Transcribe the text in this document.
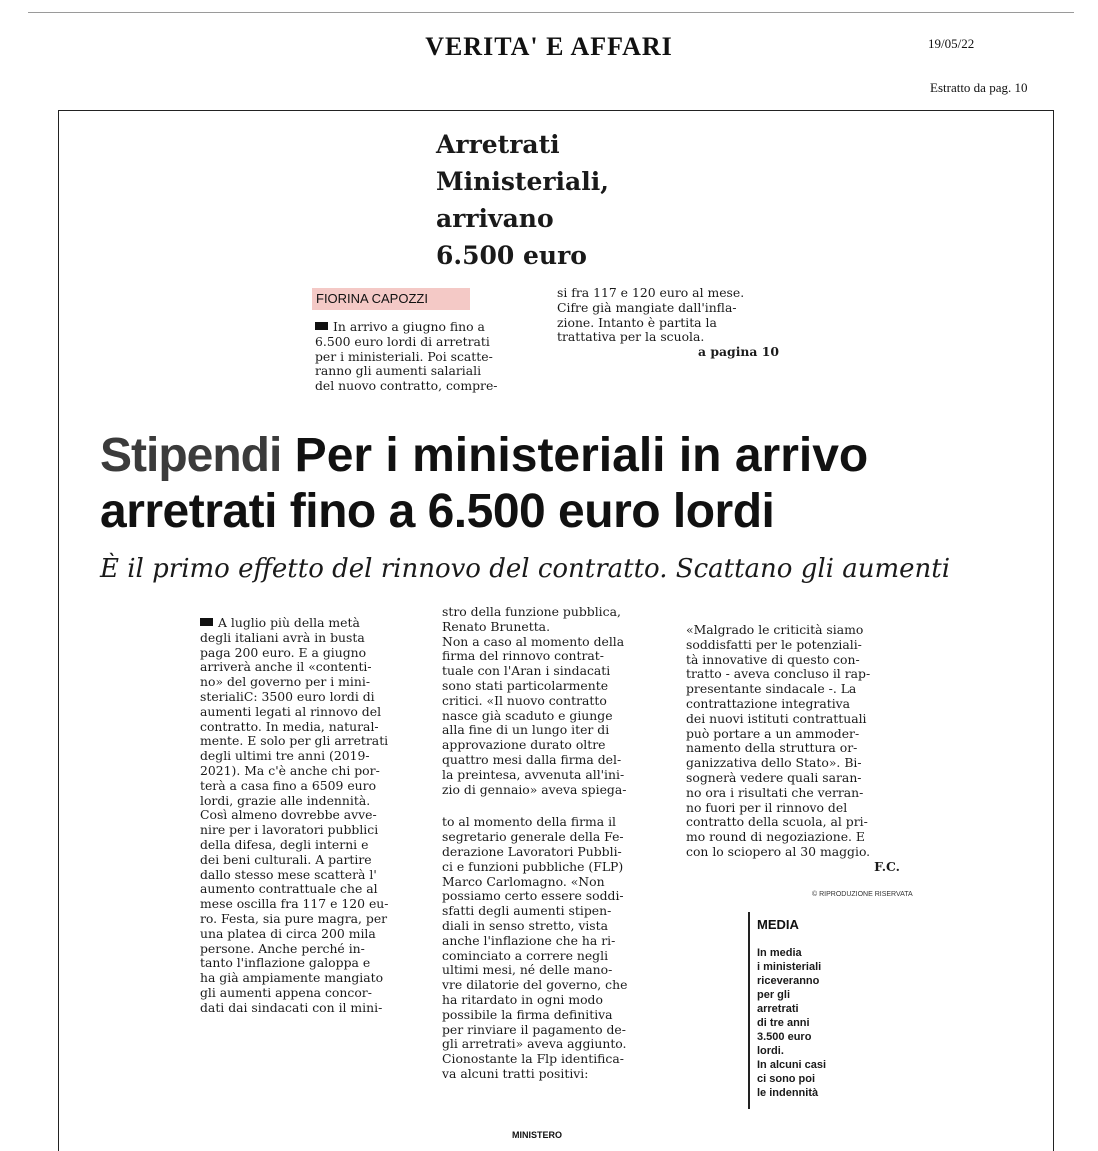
VERITA' E AFFARI	19/05/22
Estratto da pag. 10
Arretrati
Ministeriali,
arrivano
6.500 euro
FIORINA CAPOZZI
In arrivo a giugno fino a
6.500 euro lordi di arretrati
per i ministeriali. Poi scatte-
ranno gli aumenti salariali
del nuovo contratto, compre-
si fra 117 e 120 euro al mese.
Cifre già mangiate dall'infla-
zione. Intanto è partita la
trattativa per la scuola.
a pagina 10
Stipendi Per i ministeriali in arrivo
arretrati fino a 6.500 euro lordi
È il primo effetto del rinnovo del contratto. Scattano gli aumenti
A luglio più della metà
degli italiani avrà in busta
paga 200 euro. E a giugno
arriverà anche il «contenti-
no» del governo per i mini-
sterialiC: 3500 euro lordi di
aumenti legati al rinnovo del
contratto. In media, natural-
mente. E solo per gli arretrati
degli ultimi tre anni (2019-
2021). Ma c'è anche chi por-
terà a casa fino a 6509 euro
lordi, grazie alle indennità.
Così almeno dovrebbe avve-
nire per i lavoratori pubblici
della difesa, degli interni e
dei beni culturali. A partire
dallo stesso mese scatterà l'
aumento contrattuale che al
mese oscilla fra 117 e 120 eu-
ro. Festa, sia pure magra, per
una platea di circa 200 mila
persone. Anche perché in-
tanto l'inflazione galoppa e
ha già ampiamente mangiato
gli aumenti appena concor-
dati dai sindacati con il mini-
stro della funzione pubblica,
Renato Brunetta.
Non a caso al momento della
firma del rinnovo contrat-
tuale con l'Aran i sindacati
sono stati particolarmente
critici. «Il nuovo contratto
nasce già scaduto e giunge
alla fine di un lungo iter di
approvazione durato oltre
quattro mesi dalla firma del-
la preintesa, avvenuta all'ini-
zio di gennaio» aveva spiega-
to al momento della firma il
segretario generale della Fe-
derazione Lavoratori Pubbli-
ci e funzioni pubbliche (FLP)
Marco Carlomagno. «Non
possiamo certo essere soddi-
sfatti degli aumenti stipen-
diali in senso stretto, vista
anche l'inflazione che ha ri-
cominciato a correre negli
ultimi mesi, né delle mano-
vre dilatorie del governo, che
ha ritardato in ogni modo
possibile la firma definitiva
per rinviare il pagamento de-
gli arretrati» aveva aggiunto.
Cionostante la Flp identifica-
va alcuni tratti positivi:
«Malgrado le criticità siamo
soddisfatti per le potenziali-
tà innovative di questo con-
tratto - aveva concluso il rap-
presentante sindacale -. La
contrattazione integrativa
dei nuovi istituti contrattuali
può portare a un ammoder-
namento della struttura or-
ganizzativa dello Stato». Bi-
sognerà vedere quali saran-
no ora i risultati che verran-
no fuori per il rinnovo del
contratto della scuola, al pri-
mo round di negoziazione. E
con lo sciopero al 30 maggio.
F.C.
© RIPRODUZIONE RISERVATA
MEDIA
In media
i ministeriali
riceveranno
per gli
arretrati
di tre anni
3.500 euro
lordi.
In alcuni casi
ci sono poi
le indennità
MINISTERO
